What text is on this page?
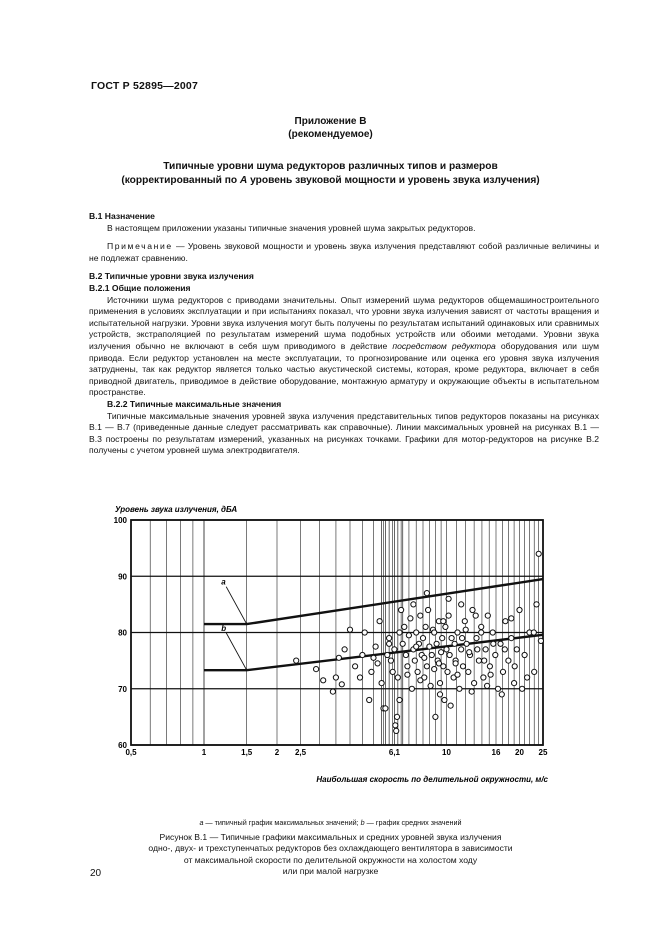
ГОСТ Р 52895—2007
Приложение В
(рекомендуемое)
Типичные уровни шума редукторов различных типов и размеров
(корректированный по А уровень звуковой мощности и уровень звука излучения)

В.1 Назначение

В настоящем приложении указаны типичные значения уровней шума закрытых редукторов.

Примечание — Уровень звуковой мощности и уровень звука излучения представляют собой различные величины и не подлежат сравнению.

В.2 Типичные уровни звука излучения

В.2.1 Общие положения

Источники шума редукторов с приводами значительны. Опыт измерений шума редукторов общемашиностроительного применения в условиях эксплуатации и при испытаниях показал, что уровни звука излучения зависят от частоты вращения и испытательной нагрузки. Уровни звука излучения могут быть получены по результатам испытаний одинаковых или сравнимых устройств, экстраполяцией по результатам измерений шума подобных устройств или обоими методами. Уровни звука излучения обычно не включают в себя шум приводимого в действие посредством редуктора оборудования или шум привода. Если редуктор установлен на месте эксплуатации, то прогнозирование или оценка его уровня звука излучения затруднены, так как редуктор является только частью акустической системы, которая, кроме редуктора, включает в себя приводной двигатель, приводимое в действие оборудование, монтажную арматуру и окружающие объекты в испытательном пространстве.

В.2.2 Типичные максимальные значения

Типичные максимальные значения уровней звука излучения представительных типов редукторов показаны на рисунках В.1 — В.7 (приведенные данные следует рассматривать как справочные). Линии максимальных уровней на рисунках В.1 — В.3 построены по результатам измерений, указанных на рисунках точками. Графики для мотор-редукторов на рисунке В.2 получены с учетом уровней шума электродвигателя.

60
70
80
90
100
0,5	1	1,5	2 2,5	6,1	10	16 20 25
а
b
Уровень звука излучения, дБА
Наибольшая скорость по делительной окружности, м/с
а — типичный график максимальных значений; b — график средних значений
Рисунок В.1 — Типичные графики максимальных и средних уровней звука излучения
одно-, двух- и трехступенчатых редукторов без охлаждающего вентилятора в зависимости
от максимальной скорости по делительной окружности на холостом ходу
или при малой нагрузке
20
